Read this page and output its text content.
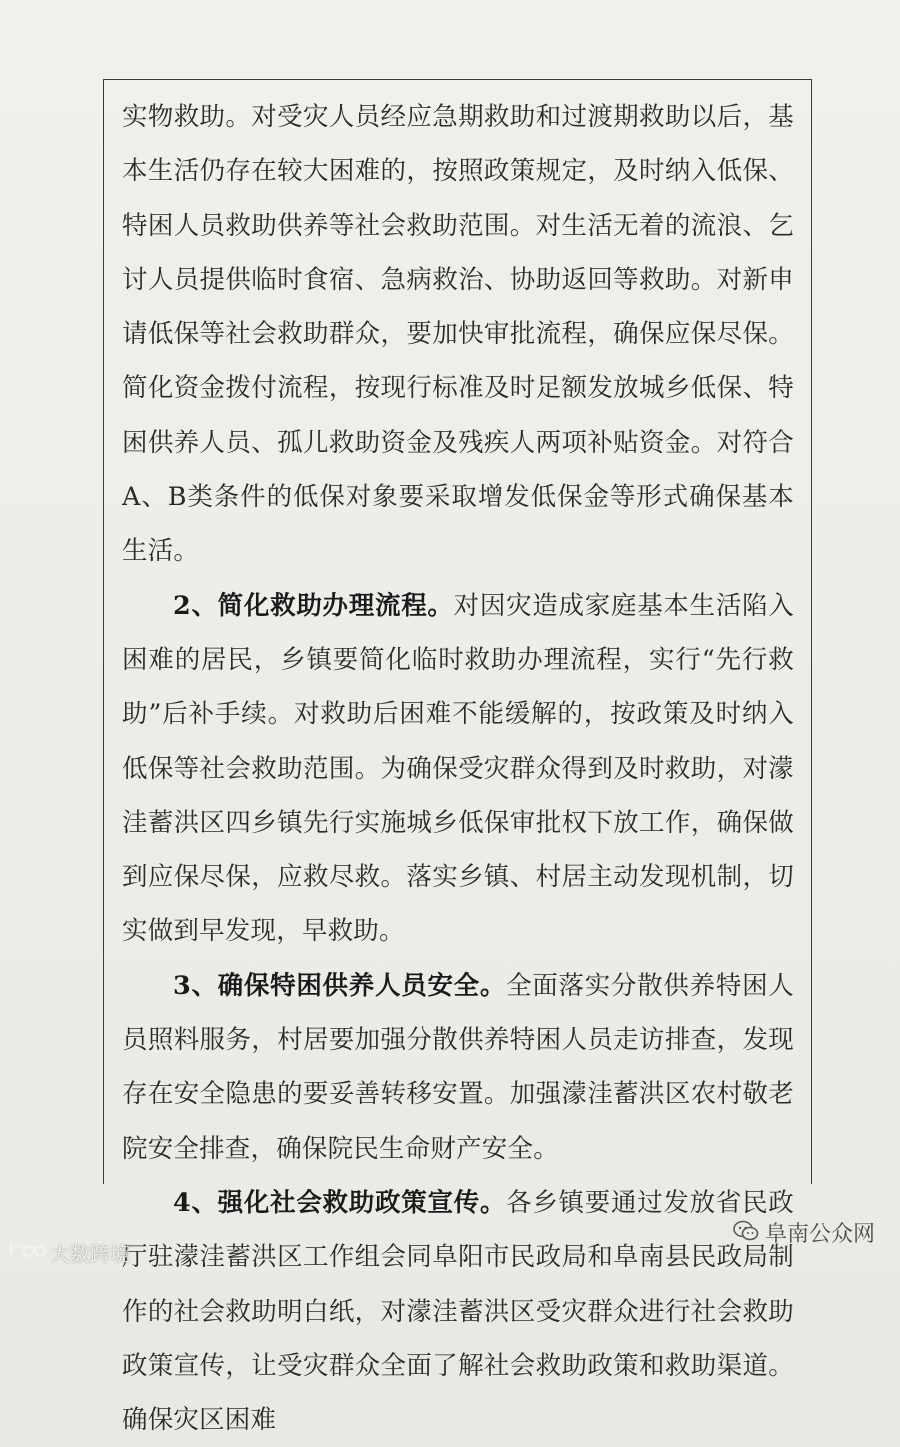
实物救助。对受灾人员经应急期救助和过渡期救助以后，基本生活仍存在较大困难的，按照政策规定，及时纳入低保、特困人员救助供养等社会救助范围。对生活无着的流浪、乞讨人员提供临时食宿、急病救治、协助返回等救助。对新申请低保等社会救助群众，要加快审批流程，确保应保尽保。简化资金拨付流程，按现行标准及时足额发放城乡低保、特困供养人员、孤儿救助资金及残疾人两项补贴资金。对符合A、B类条件的低保对象要采取增发低保金等形式确保基本生活。

2、简化救助办理流程。对因灾造成家庭基本生活陷入困难的居民，乡镇要简化临时救助办理流程，实行“先行救助”后补手续。对救助后困难不能缓解的，按政策及时纳入低保等社会救助范围。为确保受灾群众得到及时救助，对濛洼蓄洪区四乡镇先行实施城乡低保审批权下放工作，确保做到应保尽保，应救尽救。落实乡镇、村居主动发现机制，切实做到早发现，早救助。

3、确保特困供养人员安全。全面落实分散供养特困人员照料服务，村居要加强分散供养特困人员走访排查，发现存在安全隐患的要妥善转移安置。加强濛洼蓄洪区农村敬老院安全排查，确保院民生命财产安全。

4、强化社会救助政策宣传。各乡镇要通过发放省民政厅驻濛洼蓄洪区工作组会同阜阳市民政局和阜南县民政局制作的社会救助明白纸，对濛洼蓄洪区受灾群众进行社会救助政策宣传，让受灾群众全面了解社会救助政策和救助渠道。确保灾区困难

阜南公众网
大数跨境
